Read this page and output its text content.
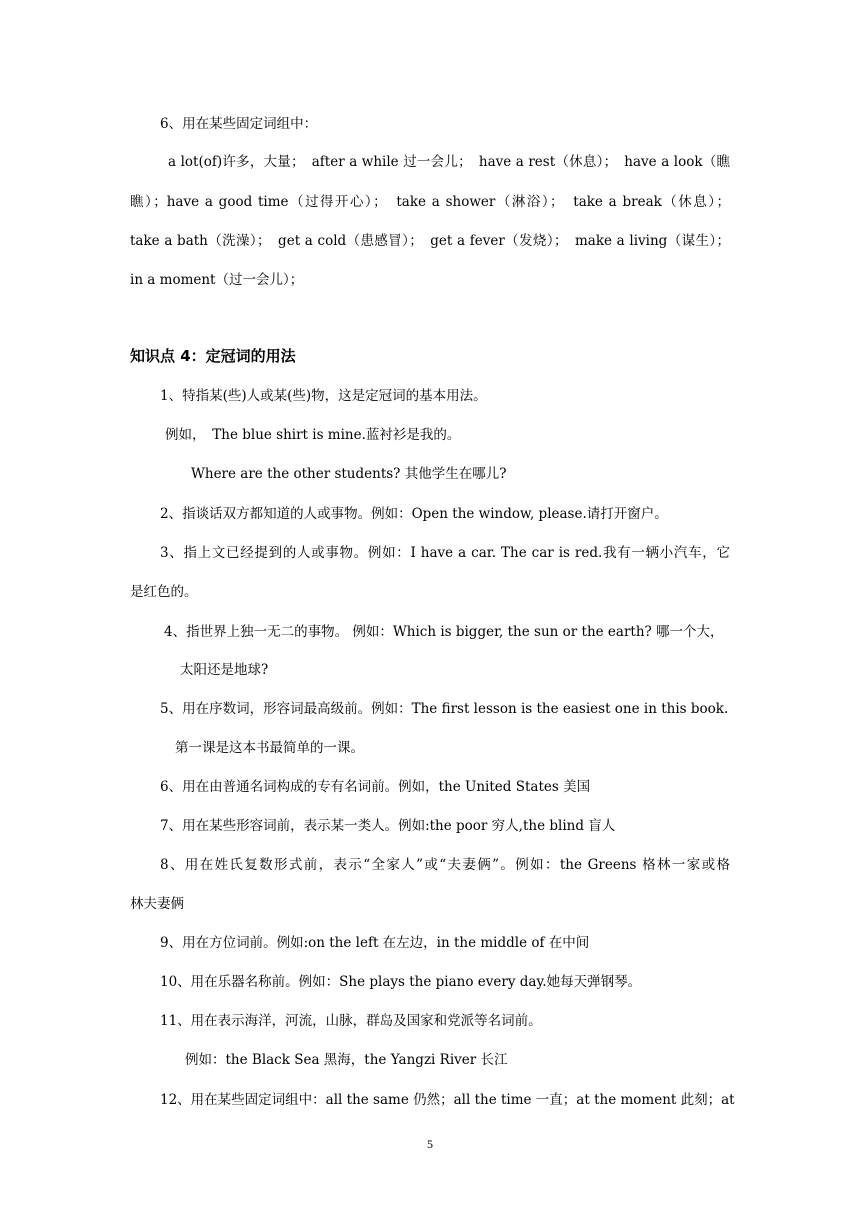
6、用在某些固定词组中：
a lot(of)许多，大量；　after a while 过一会儿；　have a rest（休息）；　have a look（瞧
瞧）；have a good time（过得开心）；　take a shower（淋浴）；　take a break（休息）；
take a bath（洗澡）；　get a cold（患感冒）；　get a fever（发烧）；　make a living（谋生）；
in a moment（过一会儿）；
知识点 4：定冠词的用法
1、特指某(些)人或某(些)物，这是定冠词的基本用法。
例如，　The blue shirt is mine.蓝衬衫是我的。
Where are the other students? 其他学生在哪儿?
2、指谈话双方都知道的人或事物。例如：Open the window, please.请打开窗户。
3、指上文已经提到的人或事物。例如：I have a car. The car is red.我有一辆小汽车，它
是红色的。
4、指世界上独一无二的事物。 例如：Which is bigger, the sun or the earth? 哪一个大，
太阳还是地球?
5、用在序数词，形容词最高级前。例如：The first lesson is the easiest one in this book.
第一课是这本书最简单的一课。
6、用在由普通名词构成的专有名词前。例如，the United States 美国
7、用在某些形容词前，表示某一类人。例如:the poor 穷人,the blind 盲人
8、用在姓氏复数形式前，表示“全家人”或“夫妻俩”。例如：the Greens 格林一家或格
林夫妻俩
9、用在方位词前。例如:on the left 在左边，in the middle of 在中间
10、用在乐器名称前。例如：She plays the piano every day.她每天弹钢琴。
11、用在表示海洋，河流，山脉，群岛及国家和党派等名词前。
例如：the Black Sea 黑海，the Yangzi River 长江
12、用在某些固定词组中：all the same 仍然；all the time 一直；at the moment 此刻；at
5
